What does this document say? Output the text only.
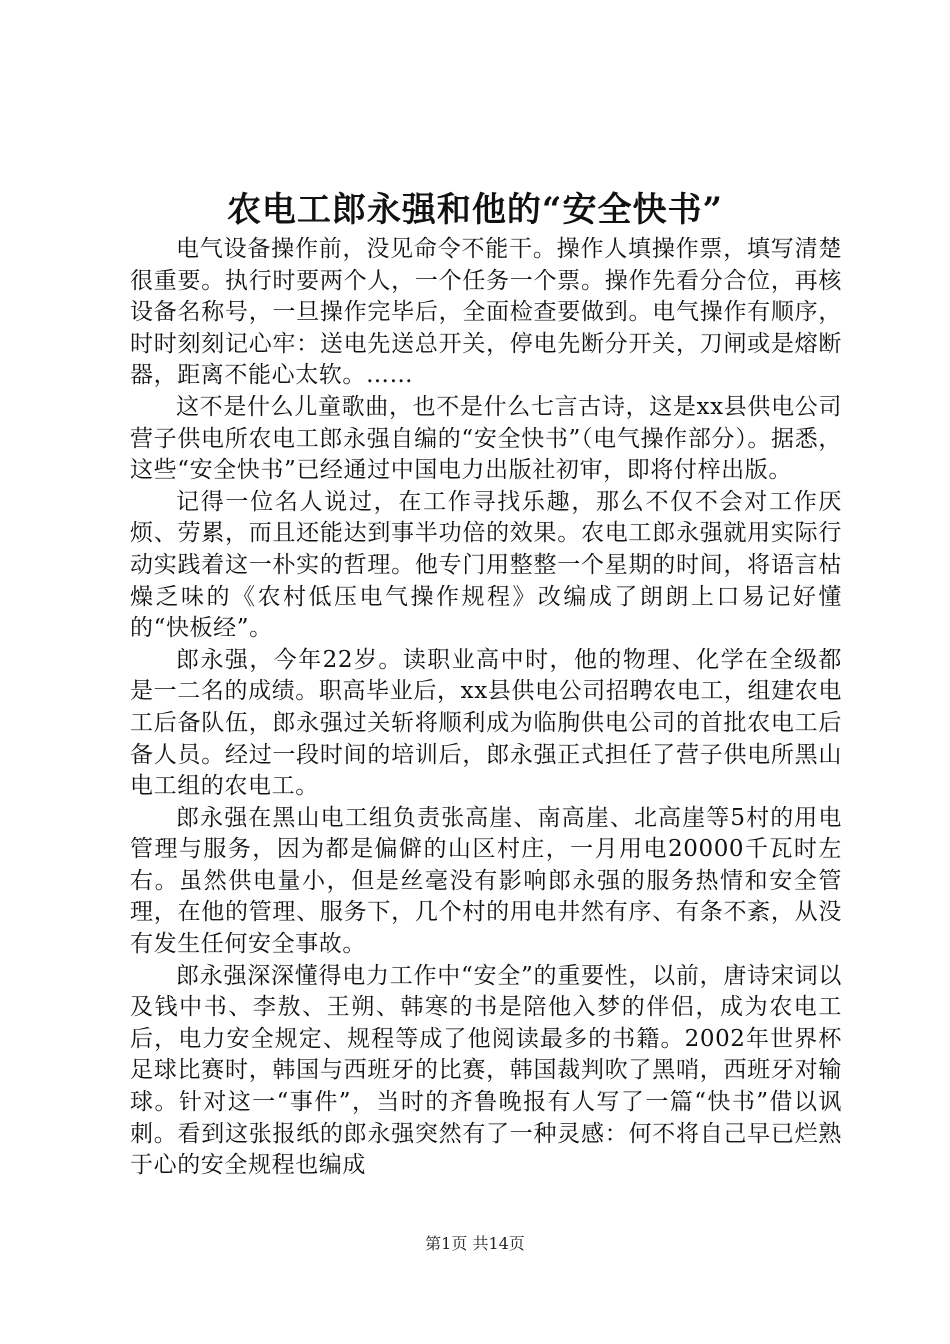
农电工郎永强和他的“安全快书”

电气设备操作前，没见命令不能干。操作人填操作票，填写清楚很重要。执行时要两个人，一个任务一个票。操作先看分合位，再核设备名称号，一旦操作完毕后，全面检查要做到。电气操作有顺序，时时刻刻记心牢：送电先送总开关，停电先断分开关，刀闸或是熔断器，距离不能心太软。……

这不是什么儿童歌曲，也不是什么七言古诗，这是xx县供电公司营子供电所农电工郎永强自编的“安全快书”（电气操作部分）。据悉，这些“安全快书”已经通过中国电力出版社初审，即将付梓出版。

记得一位名人说过，在工作寻找乐趣，那么不仅不会对工作厌烦、劳累，而且还能达到事半功倍的效果。农电工郎永强就用实际行动实践着这一朴实的哲理。他专门用整整一个星期的时间，将语言枯燥乏味的《农村低压电气操作规程》改编成了朗朗上口易记好懂的“快板经”。

郎永强，今年22岁。读职业高中时，他的物理、化学在全级都是一二名的成绩。职高毕业后，xx县供电公司招聘农电工，组建农电工后备队伍，郎永强过关斩将顺利成为临朐供电公司的首批农电工后备人员。经过一段时间的培训后，郎永强正式担任了营子供电所黑山电工组的农电工。

郎永强在黑山电工组负责张高崖、南高崖、北高崖等5村的用电管理与服务，因为都是偏僻的山区村庄，一月用电20000千瓦时左右。虽然供电量小，但是丝毫没有影响郎永强的服务热情和安全管理，在他的管理、服务下，几个村的用电井然有序、有条不紊，从没有发生任何安全事故。

郎永强深深懂得电力工作中“安全”的重要性，以前，唐诗宋词以及钱中书、李敖、王朔、韩寒的书是陪他入梦的伴侣，成为农电工后，电力安全规定、规程等成了他阅读最多的书籍。2002年世界杯足球比赛时，韩国与西班牙的比赛，韩国裁判吹了黑哨，西班牙对输球。针对这一“事件”，当时的齐鲁晚报有人写了一篇“快书”借以讽刺。看到这张报纸的郎永强突然有了一种灵感：何不将自己早已烂熟于心的安全规程也编成

第1页 共14页
